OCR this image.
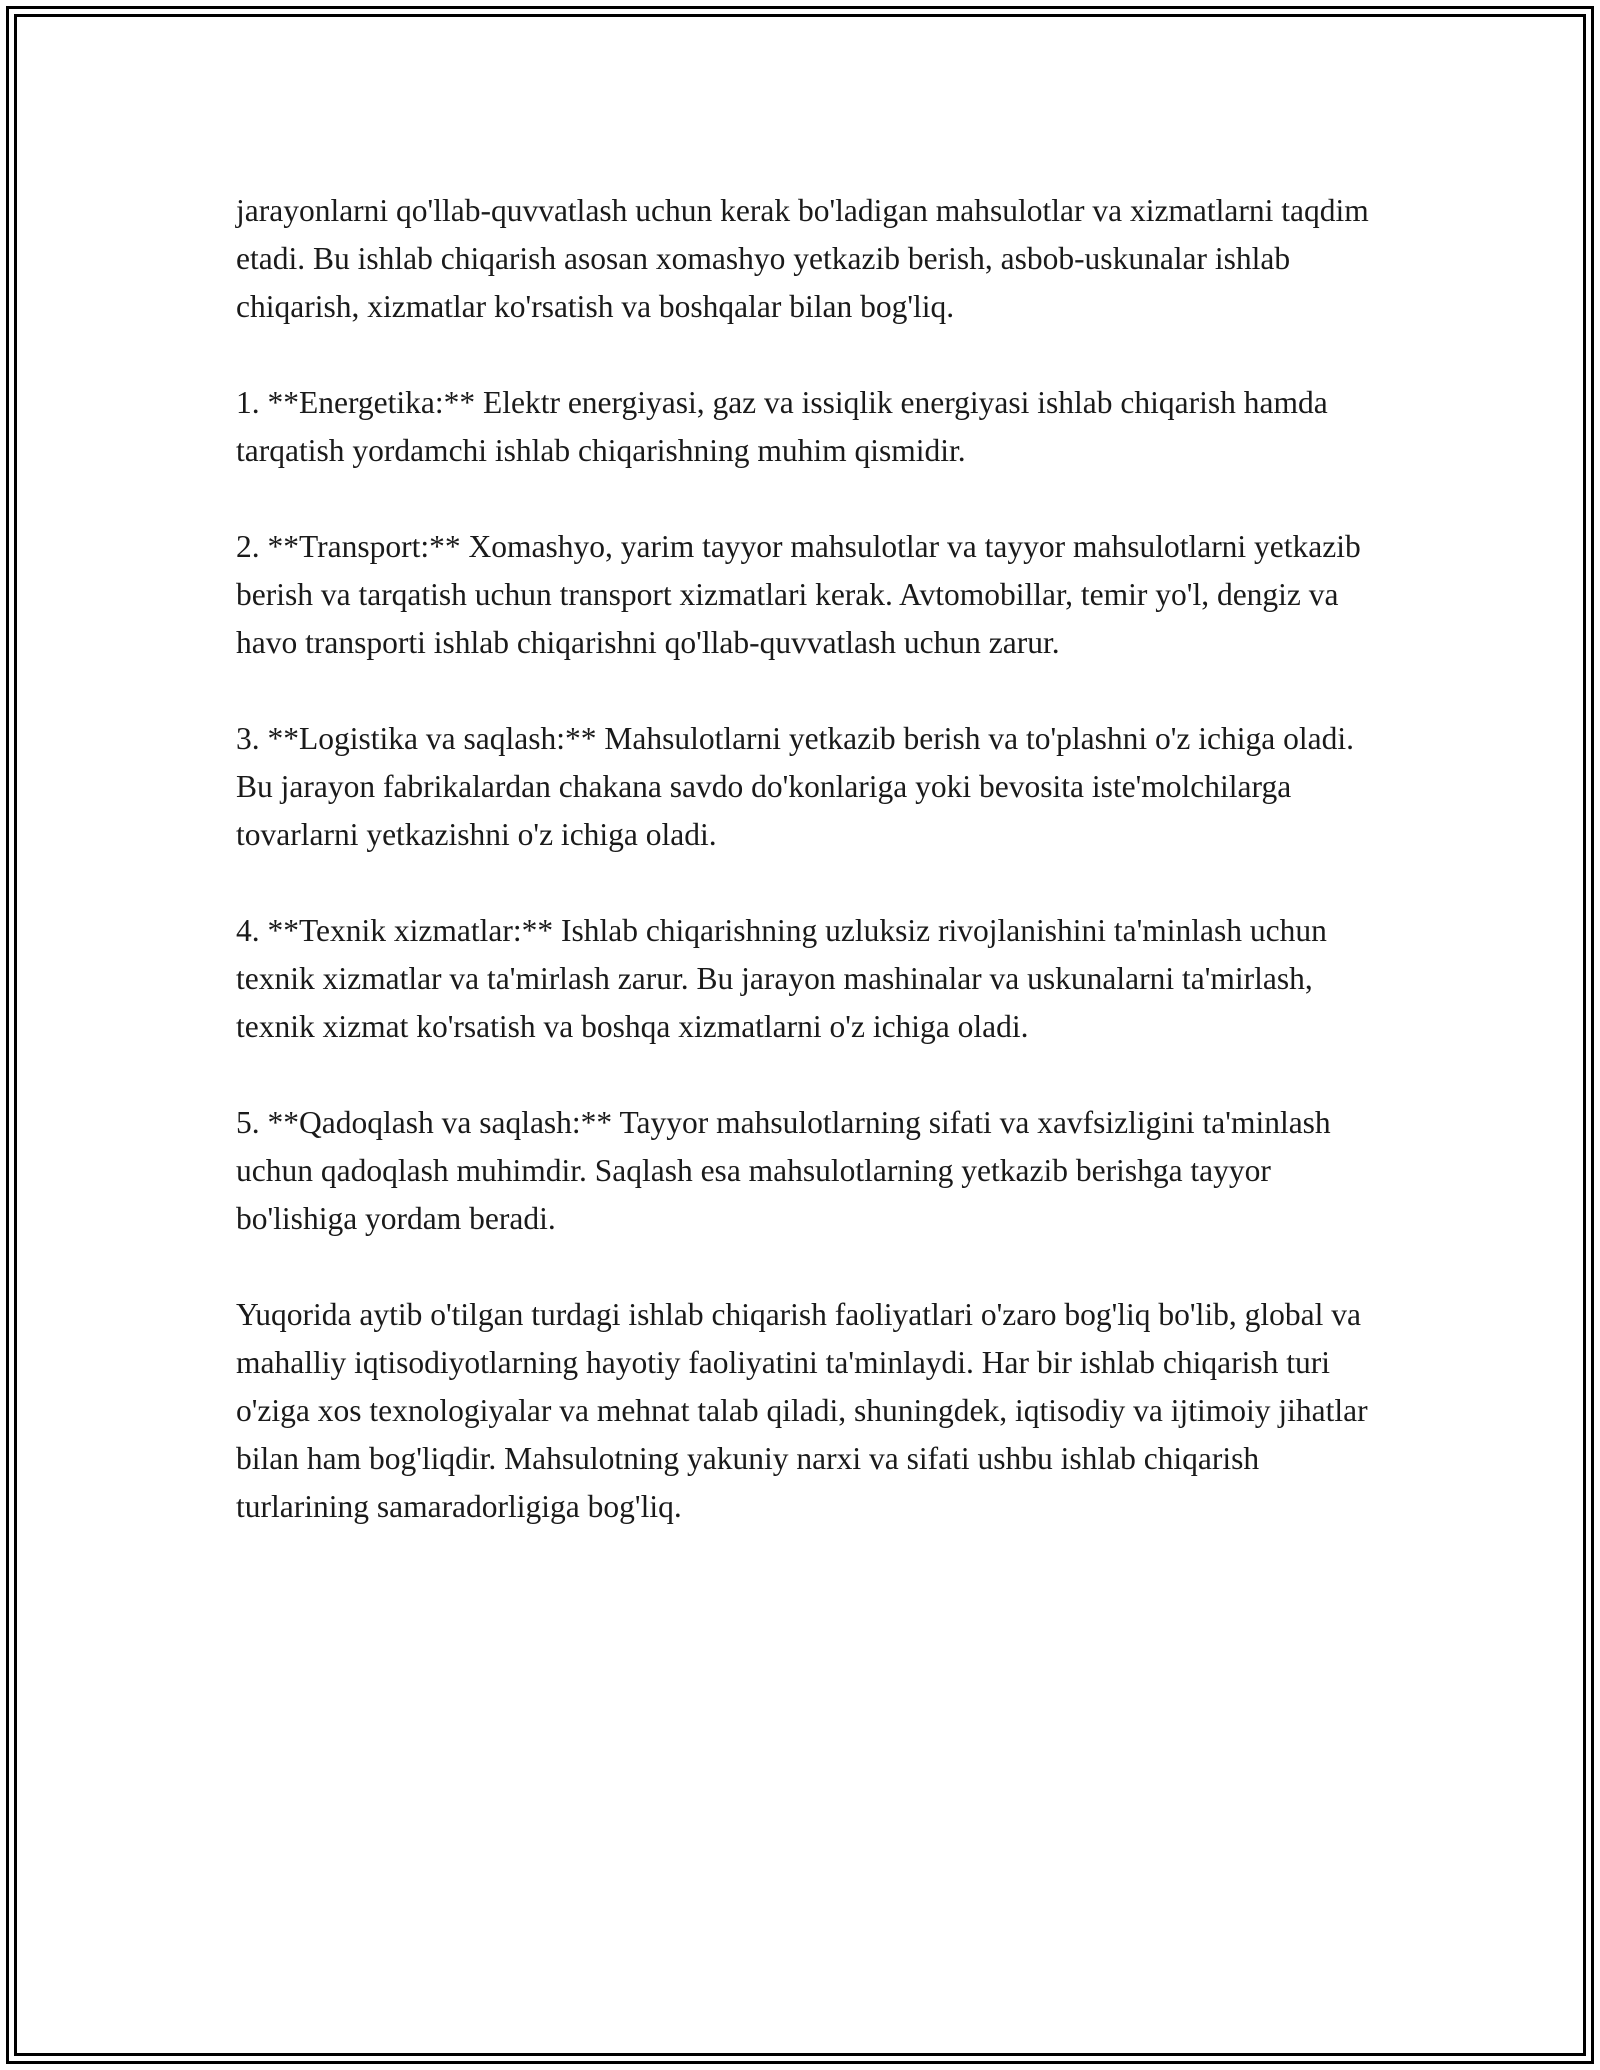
jarayonlarni qo'llab-quvvatlash uchun kerak bo'ladigan mahsulotlar va xizmatlarni taqdim etadi. Bu ishlab chiqarish asosan xomashyo yetkazib berish, asbob-uskunalar ishlab chiqarish, xizmatlar ko'rsatish va boshqalar bilan bog'liq.

1. **Energetika:** Elektr energiyasi, gaz va issiqlik energiyasi ishlab chiqarish hamda tarqatish yordamchi ishlab chiqarishning muhim qismidir.

2. **Transport:** Xomashyo, yarim tayyor mahsulotlar va tayyor mahsulotlarni yetkazib berish va tarqatish uchun transport xizmatlari kerak. Avtomobillar, temir yo'l, dengiz va havo transporti ishlab chiqarishni qo'llab-quvvatlash uchun zarur.

3. **Logistika va saqlash:** Mahsulotlarni yetkazib berish va to'plashni o'z ichiga oladi. Bu jarayon fabrikalardan chakana savdo do'konlariga yoki bevosita iste'molchilarga tovarlarni yetkazishni o'z ichiga oladi.

4. **Texnik xizmatlar:** Ishlab chiqarishning uzluksiz rivojlanishini ta'minlash uchun texnik xizmatlar va ta'mirlash zarur. Bu jarayon mashinalar va uskunalarni ta'mirlash, texnik xizmat ko'rsatish va boshqa xizmatlarni o'z ichiga oladi.

5. **Qadoqlash va saqlash:** Tayyor mahsulotlarning sifati va xavfsizligini ta'minlash uchun qadoqlash muhimdir. Saqlash esa mahsulotlarning yetkazib berishga tayyor bo'lishiga yordam beradi.

Yuqorida aytib o'tilgan turdagi ishlab chiqarish faoliyatlari o'zaro bog'liq bo'lib, global va mahalliy iqtisodiyotlarning hayotiy faoliyatini ta'minlaydi. Har bir ishlab chiqarish turi o'ziga xos texnologiyalar va mehnat talab qiladi, shuningdek, iqtisodiy va ijtimoiy jihatlar bilan ham bog'liqdir. Mahsulotning yakuniy narxi va sifati ushbu ishlab chiqarish turlarining samaradorligiga bog'liq.
